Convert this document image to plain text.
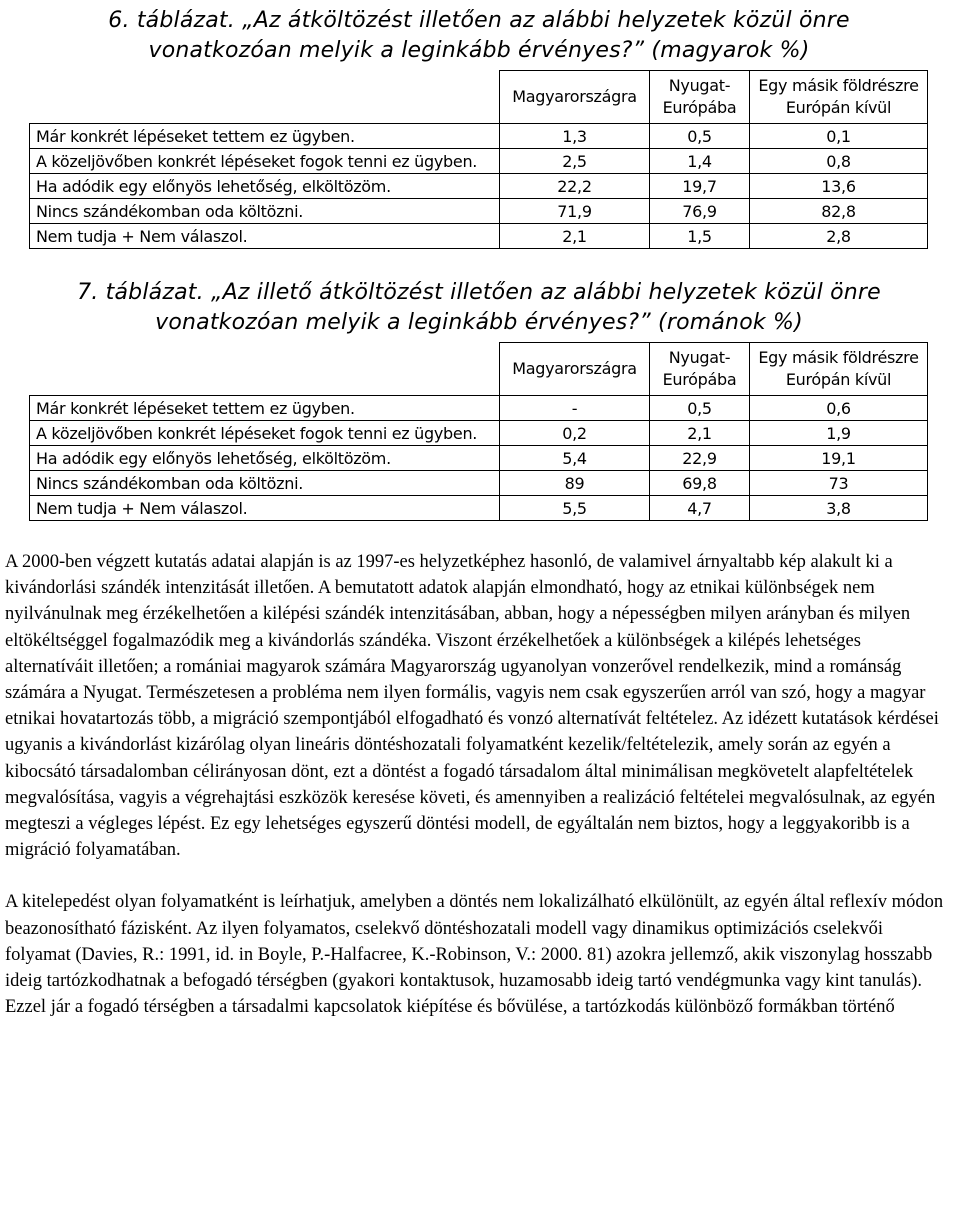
6. táblázat. „Az átköltözést illetően az alábbi helyzetek közül önre vonatkozóan melyik a leginkább érvényes?” (magyarok %)
	Magyarországra	Nyugat-Európába	Egy másik földrészre Európán kívül
Már konkrét lépéseket tettem ez ügyben.	1,3	0,5	0,1
A közeljövőben konkrét lépéseket fogok tenni ez ügyben.	2,5	1,4	0,8
Ha adódik egy előnyös lehetőség, elköltözöm.	22,2	19,7	13,6
Nincs szándékomban oda költözni.	71,9	76,9	82,8
Nem tudja + Nem válaszol.	2,1	1,5	2,8
7. táblázat. „Az illető átköltözést illetően az alábbi helyzetek közül önre vonatkozóan melyik a leginkább érvényes?” (románok %)
	Magyarországra	Nyugat-Európába	Egy másik földrészre Európán kívül
Már konkrét lépéseket tettem ez ügyben.	-	0,5	0,6
A közeljövőben konkrét lépéseket fogok tenni ez ügyben.	0,2	2,1	1,9
Ha adódik egy előnyös lehetőség, elköltözöm.	5,4	22,9	19,1
Nincs szándékomban oda költözni.	89	69,8	73
Nem tudja + Nem válaszol.	5,5	4,7	3,8

A 2000-ben végzett kutatás adatai alapján is az 1997-es helyzetképhez hasonló, de valamivel árnyaltabb kép alakult ki a kivándorlási szándék intenzitását illetően. A bemutatott adatok alapján elmondható, hogy az etnikai különbségek nem nyilvánulnak meg érzékelhetően a kilépési szándék intenzitásában, abban, hogy a népességben milyen arányban és milyen eltökéltséggel fogalmazódik meg a kivándorlás szándéka. Viszont érzékelhetőek a különbségek a kilépés lehetséges alternatíváit illetően; a romániai magyarok számára Magyarország ugyanolyan vonzerővel rendelkezik, mind a románság számára a Nyugat. Természetesen a probléma nem ilyen formális, vagyis nem csak egyszerűen arról van szó, hogy a magyar etnikai hovatartozás több, a migráció szempontjából elfogadható és vonzó alternatívát feltételez. Az idézett kutatások kérdései ugyanis a kivándorlást kizárólag olyan lineáris döntéshozatali folyamatként kezelik/feltételezik, amely során az egyén a kibocsátó társadalomban célirányosan dönt, ezt a döntést a fogadó társadalom által minimálisan megkövetelt alapfeltételek megvalósítása, vagyis a végrehajtási eszközök keresése követi, és amennyiben a realizáció feltételei megvalósulnak, az egyén megteszi a végleges lépést. Ez egy lehetséges egyszerű döntési modell, de egyáltalán nem biztos, hogy a leggyakoribb is a migráció folyamatában.

A kitelepedést olyan folyamatként is leírhatjuk, amelyben a döntés nem lokalizálható elkülönült, az egyén által reflexív módon beazonosítható fázisként. Az ilyen folyamatos, cselekvő döntéshozatali modell vagy dinamikus optimizációs cselekvői folyamat (Davies, R.: 1991, id. in Boyle, P.-Halfacree, K.-Robinson, V.: 2000. 81) azokra jellemző, akik viszonylag hosszabb ideig tartózkodhatnak a befogadó térségben (gyakori kontaktusok, huzamosabb ideig tartó vendégmunka vagy kint tanulás). Ezzel jár a fogadó térségben a társadalmi kapcsolatok kiépítése és bővülése, a tartózkodás különböző formákban történő
